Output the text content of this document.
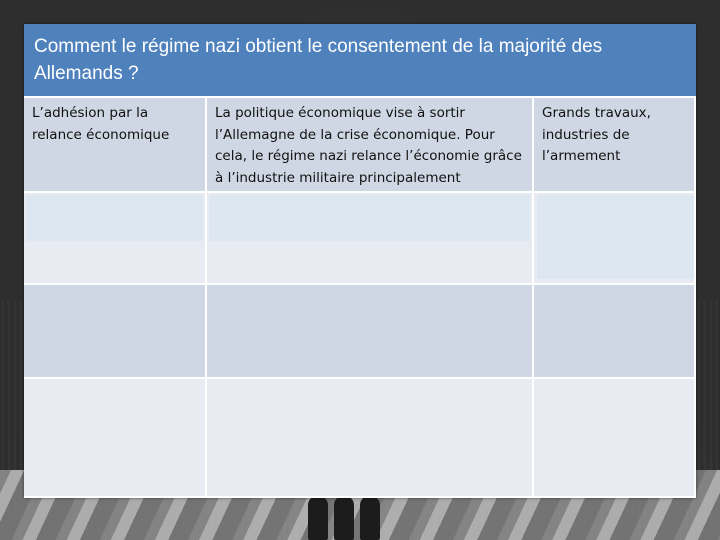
Comment le régime nazi obtient le consentement de la majorité des Allemands ?
L’adhésion par la relance économique
La politique économique vise à sortir l’Allemagne de la crise économique. Pour cela, le régime nazi relance l’économie grâce à l’industrie militaire principalement
Grands travaux, industries de l’armement
